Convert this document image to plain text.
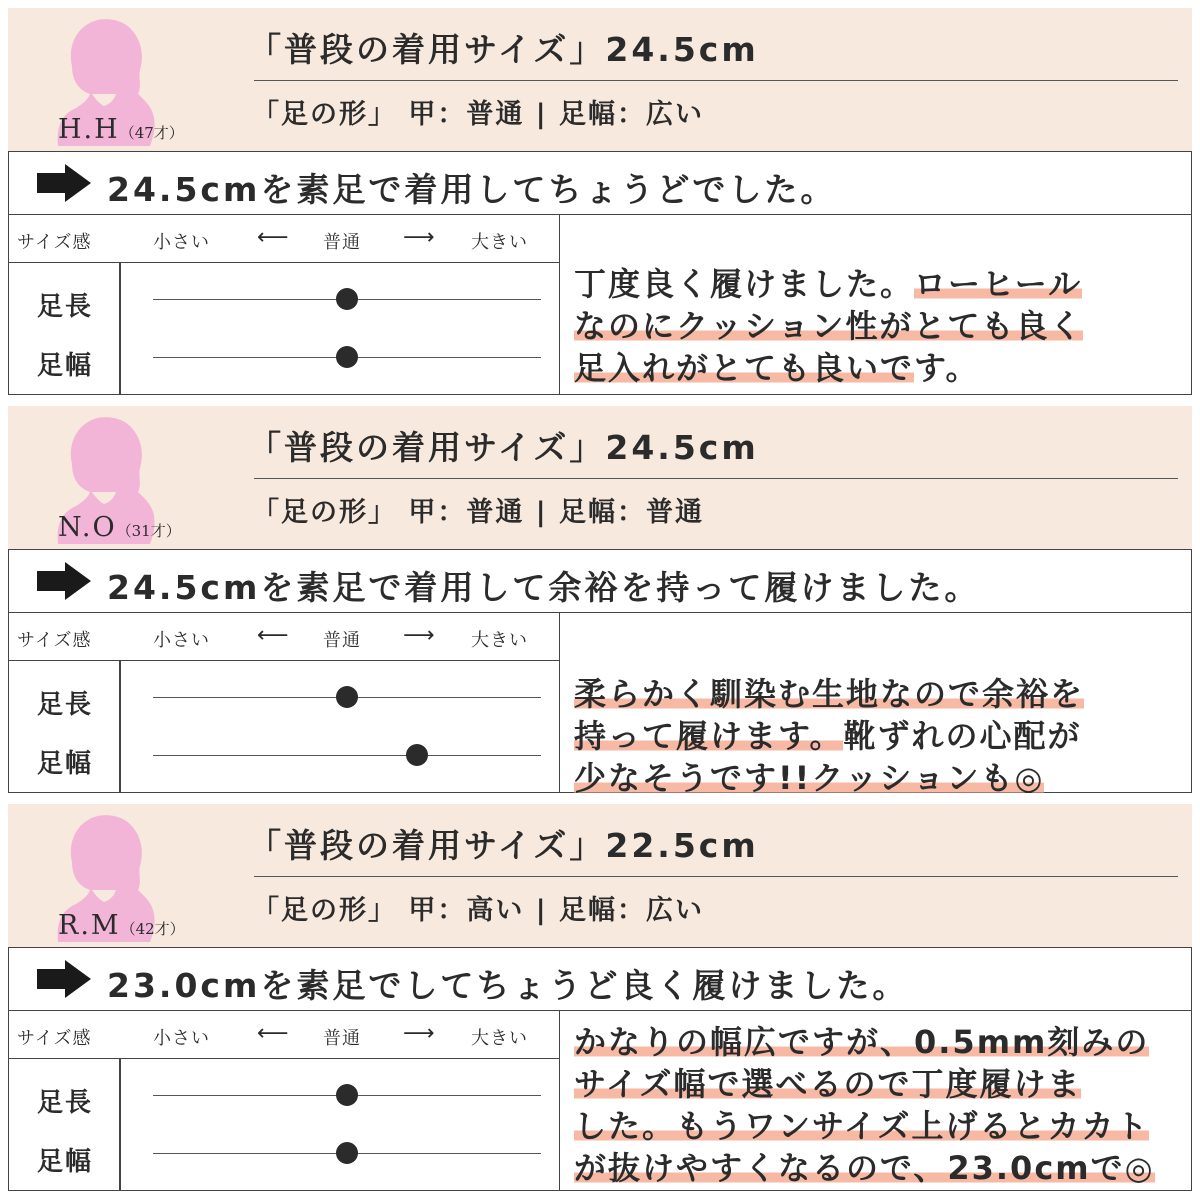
H.H（47才）
「普段の着用サイズ」24.5cm
「足の形」 甲：普通 | 足幅：広い
24.5cmを素足で着用してちょうどでした。
サイズ感	小さい ⟵ 普通 ⟶ 大きい
足長
足幅
丁度良く履けました。ローヒール
なのにクッション性がとても良く
足入れがとても良いです。
N.O（31才）
「普段の着用サイズ」24.5cm
「足の形」 甲：普通 | 足幅：普通
24.5cmを素足で着用して余裕を持って履けました。
サイズ感	小さい ⟵ 普通 ⟶ 大きい
足長
足幅
柔らかく馴染む生地なので余裕を
持って履けます。靴ずれの心配が
少なそうです!!クッションも◎
R.M（42才）
「普段の着用サイズ」22.5cm
「足の形」 甲：高い | 足幅：広い
23.0cmを素足でしてちょうど良く履けました。
サイズ感	小さい ⟵ 普通 ⟶ 大きい
足長
足幅
かなりの幅広ですが、0.5mm刻みの
サイズ幅で選べるので丁度履けま
した。もうワンサイズ上げるとカカト
が抜けやすくなるので、23.0cmで◎
